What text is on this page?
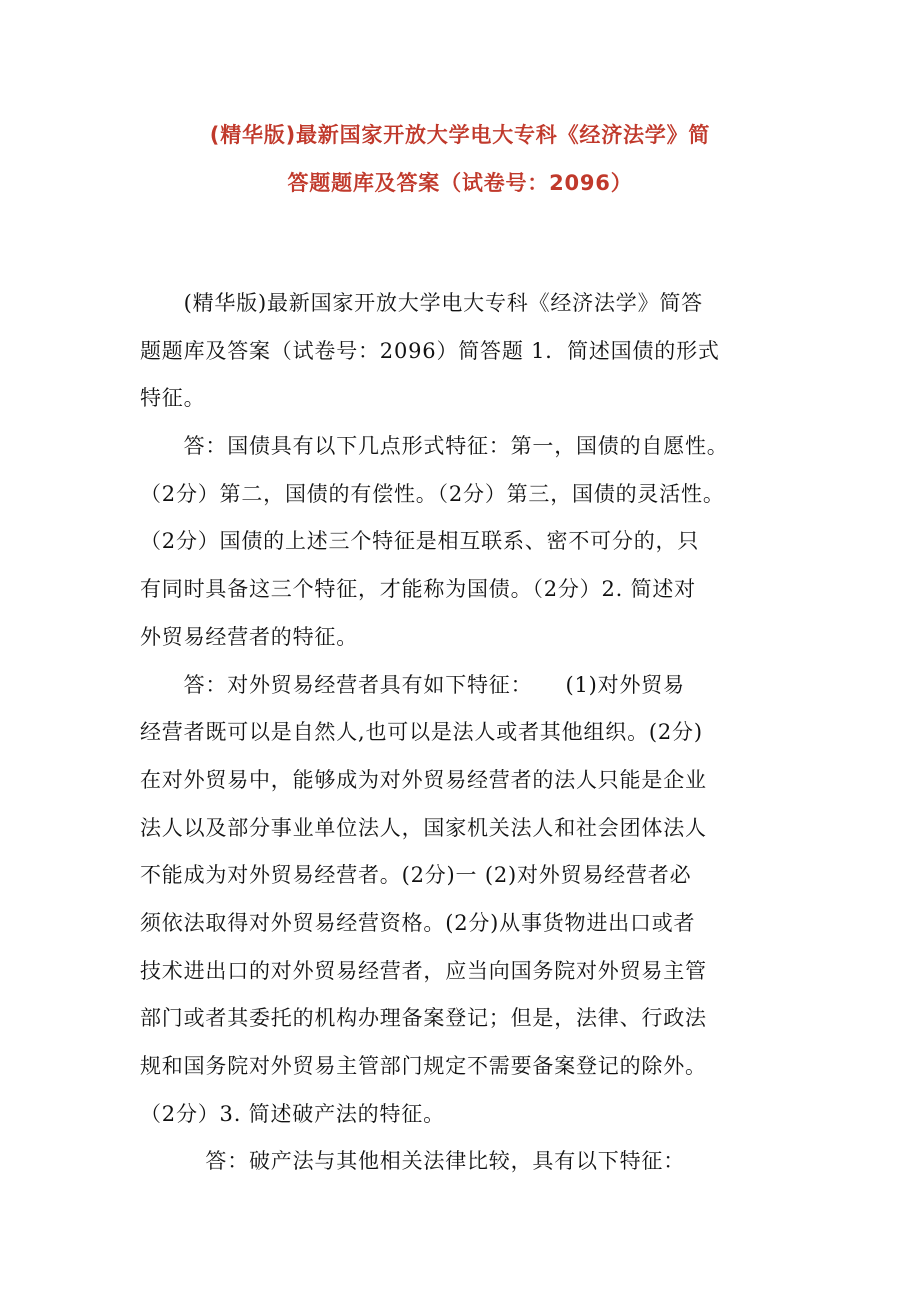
(精华版)最新国家开放大学电大专科《经济法学》简
答题题库及答案（试卷号：2096）
　　(精华版)最新国家开放大学电大专科《经济法学》简答
题题库及答案（试卷号：2096）简答题 1．简述国债的形式
特征。
　　答：国债具有以下几点形式特征：第一，国债的自愿性。
（2分）第二，国债的有偿性。（2分）第三，国债的灵活性。
（2分）国债的上述三个特征是相互联系、密不可分的，只
有同时具备这三个特征，才能称为国债。（2分）2. 简述对
外贸易经营者的特征。
　　答：对外贸易经营者具有如下特征：　　(1)对外贸易
经营者既可以是自然人,也可以是法人或者其他组织。(2分)
在对外贸易中，能够成为对外贸易经营者的法人只能是企业
法人以及部分事业单位法人，国家机关法人和社会团体法人
不能成为对外贸易经营者。(2分)一 (2)对外贸易经营者必
须依法取得对外贸易经营资格。(2分)从事货物进出口或者
技术进出口的对外贸易经营者，应当向国务院对外贸易主管
部门或者其委托的机构办理备案登记；但是，法律、行政法
规和国务院对外贸易主管部门规定不需要备案登记的除外。
（2分）3. 简述破产法的特征。
　　　答：破产法与其他相关法律比较，具有以下特征：
